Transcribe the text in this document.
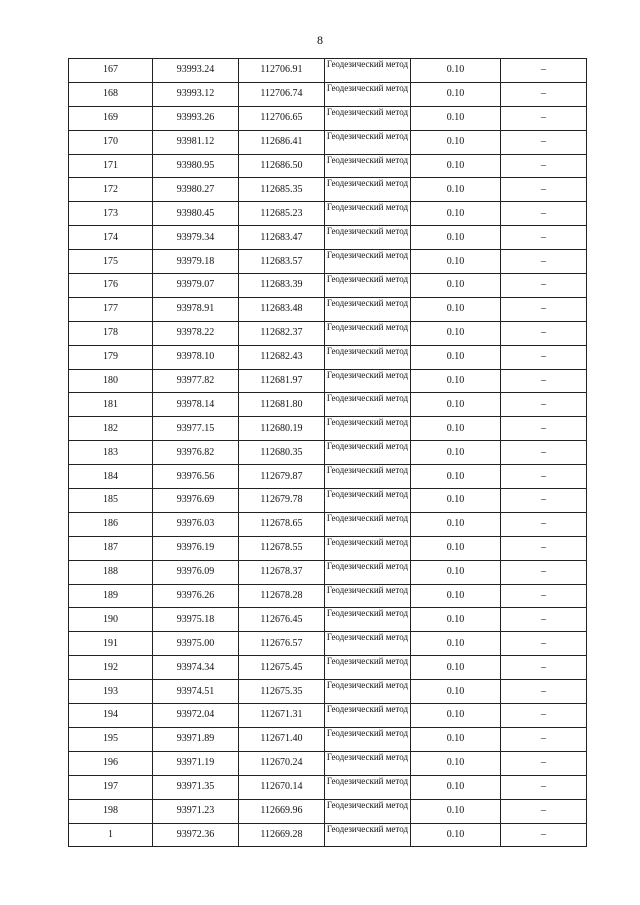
8
167	93993.24	112706.91	Геодезический метод	0.10	–
168	93993.12	112706.74	Геодезический метод	0.10	–
169	93993.26	112706.65	Геодезический метод	0.10	–
170	93981.12	112686.41	Геодезический метод	0.10	–
171	93980.95	112686.50	Геодезический метод	0.10	–
172	93980.27	112685.35	Геодезический метод	0.10	–
173	93980.45	112685.23	Геодезический метод	0.10	–
174	93979.34	112683.47	Геодезический метод	0.10	–
175	93979.18	112683.57	Геодезический метод	0.10	–
176	93979.07	112683.39	Геодезический метод	0.10	–
177	93978.91	112683.48	Геодезический метод	0.10	–
178	93978.22	112682.37	Геодезический метод	0.10	–
179	93978.10	112682.43	Геодезический метод	0.10	–
180	93977.82	112681.97	Геодезический метод	0.10	–
181	93978.14	112681.80	Геодезический метод	0.10	–
182	93977.15	112680.19	Геодезический метод	0.10	–
183	93976.82	112680.35	Геодезический метод	0.10	–
184	93976.56	112679.87	Геодезический метод	0.10	–
185	93976.69	112679.78	Геодезический метод	0.10	–
186	93976.03	112678.65	Геодезический метод	0.10	–
187	93976.19	112678.55	Геодезический метод	0.10	–
188	93976.09	112678.37	Геодезический метод	0.10	–
189	93976.26	112678.28	Геодезический метод	0.10	–
190	93975.18	112676.45	Геодезический метод	0.10	–
191	93975.00	112676.57	Геодезический метод	0.10	–
192	93974.34	112675.45	Геодезический метод	0.10	–
193	93974.51	112675.35	Геодезический метод	0.10	–
194	93972.04	112671.31	Геодезический метод	0.10	–
195	93971.89	112671.40	Геодезический метод	0.10	–
196	93971.19	112670.24	Геодезический метод	0.10	–
197	93971.35	112670.14	Геодезический метод	0.10	–
198	93971.23	112669.96	Геодезический метод	0.10	–
1	93972.36	112669.28	Геодезический метод	0.10	–
